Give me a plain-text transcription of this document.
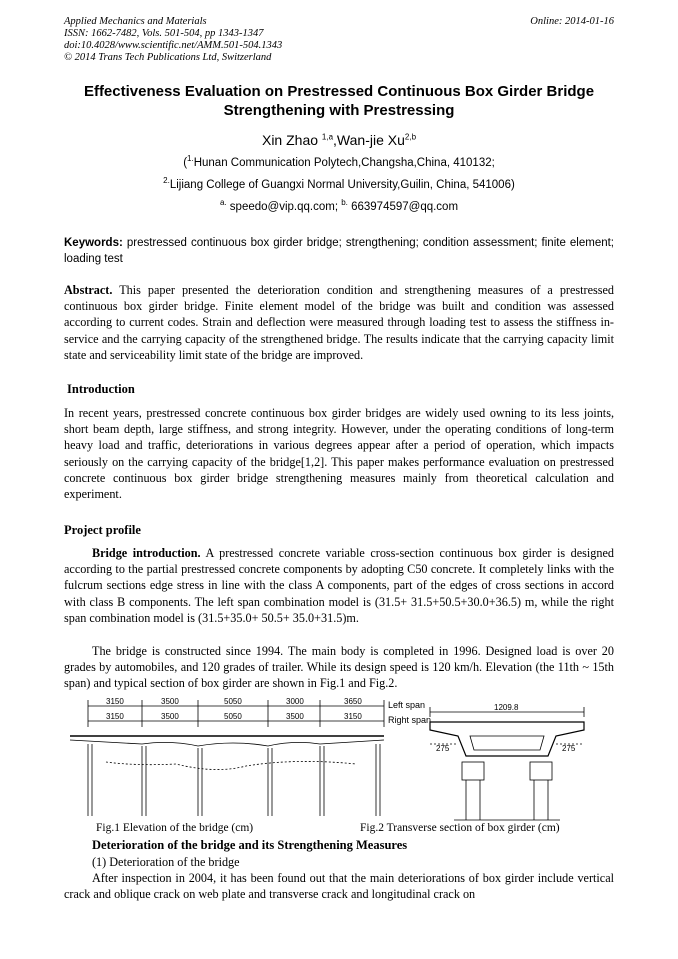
Applied Mechanics and Materials
ISSN: 1662-7482, Vols. 501-504, pp 1343-1347
doi:10.4028/www.scientific.net/AMM.501-504.1343
© 2014 Trans Tech Publications Ltd, Switzerland
Online: 2014-01-16
Effectiveness Evaluation on Prestressed Continuous Box Girder Bridge
Strengthening with Prestressing
Xin Zhao $^{1,a}$,Wan-jie Xu$^{2,b}$
($^{1.}$Hunan Communication Polytech,Changsha,China, 410132;
$^{2.}$Lijiang College of Guangxi Normal University,Guilin, China, 541006)
$^{a.}$ speedo@vip.qq.com; $^{b.}$ 663974597@qq.com
Keywords: prestressed continuous box girder bridge; strengthening; condition assessment; finite element; loading test
Abstract. This paper presented the deterioration condition and strengthening measures of a prestressed continuous box girder bridge. Finite element model of the bridge was built and condition was assessed according to current codes. Strain and deflection were measured through loading test to assess the stiffness in-service and the carrying capacity of the strengthened bridge. The results indicate that the carrying capacity limit state and serviceability limit state of the bridge are improved.
Introduction
In recent years, prestressed concrete continuous box girder bridges are widely used owning to its less joints, short beam depth, large stiffness, and strong integrity. However, under the operating conditions of long-term heavy load and traffic, deteriorations in various degrees appear after a period of operation, which impacts seriously on the carrying capacity of the bridge[1,2]. This paper makes performance evaluation on prestressed concrete continuous box girder bridge strengthening measures mainly from theoretical calculation and experiment.
Project profile
Bridge introduction. A prestressed concrete variable cross-section continuous box girder is designed according to the partial prestressed concrete components by adopting C50 concrete. It completely links with the fulcrum sections edge stress in line with the class A components, part of the edges of cross sections in accord with class B components. The left span combination model is (31.5+ 31.5+50.5+30.0+36.5) m, while the right span combination model is (31.5+35.0+ 50.5+ 35.0+31.5)m.
The bridge is constructed since 1994. The main body is completed in 1996. Designed load is over 20 grades by automobiles, and 120 grades of trailer. While its design speed is 120 km/h. Elevation (the 11th ~ 15th span) and typical section of box girder are shown in Fig.1 and Fig.2.
3150	3500	5050	3000	3650
3150	3500	5050	3500	3150
Left span
Right span
Fig.1 Elevation of the bridge (cm)
1209.8
275	275
Fig.2 Transverse section of box girder (cm)
Deterioration of the bridge and its Strengthening Measures
(1) Deterioration of the bridge
After inspection in 2004, it has been found out that the main deteriorations of box girder include vertical crack and oblique crack on web plate and transverse crack and longitudinal crack on
